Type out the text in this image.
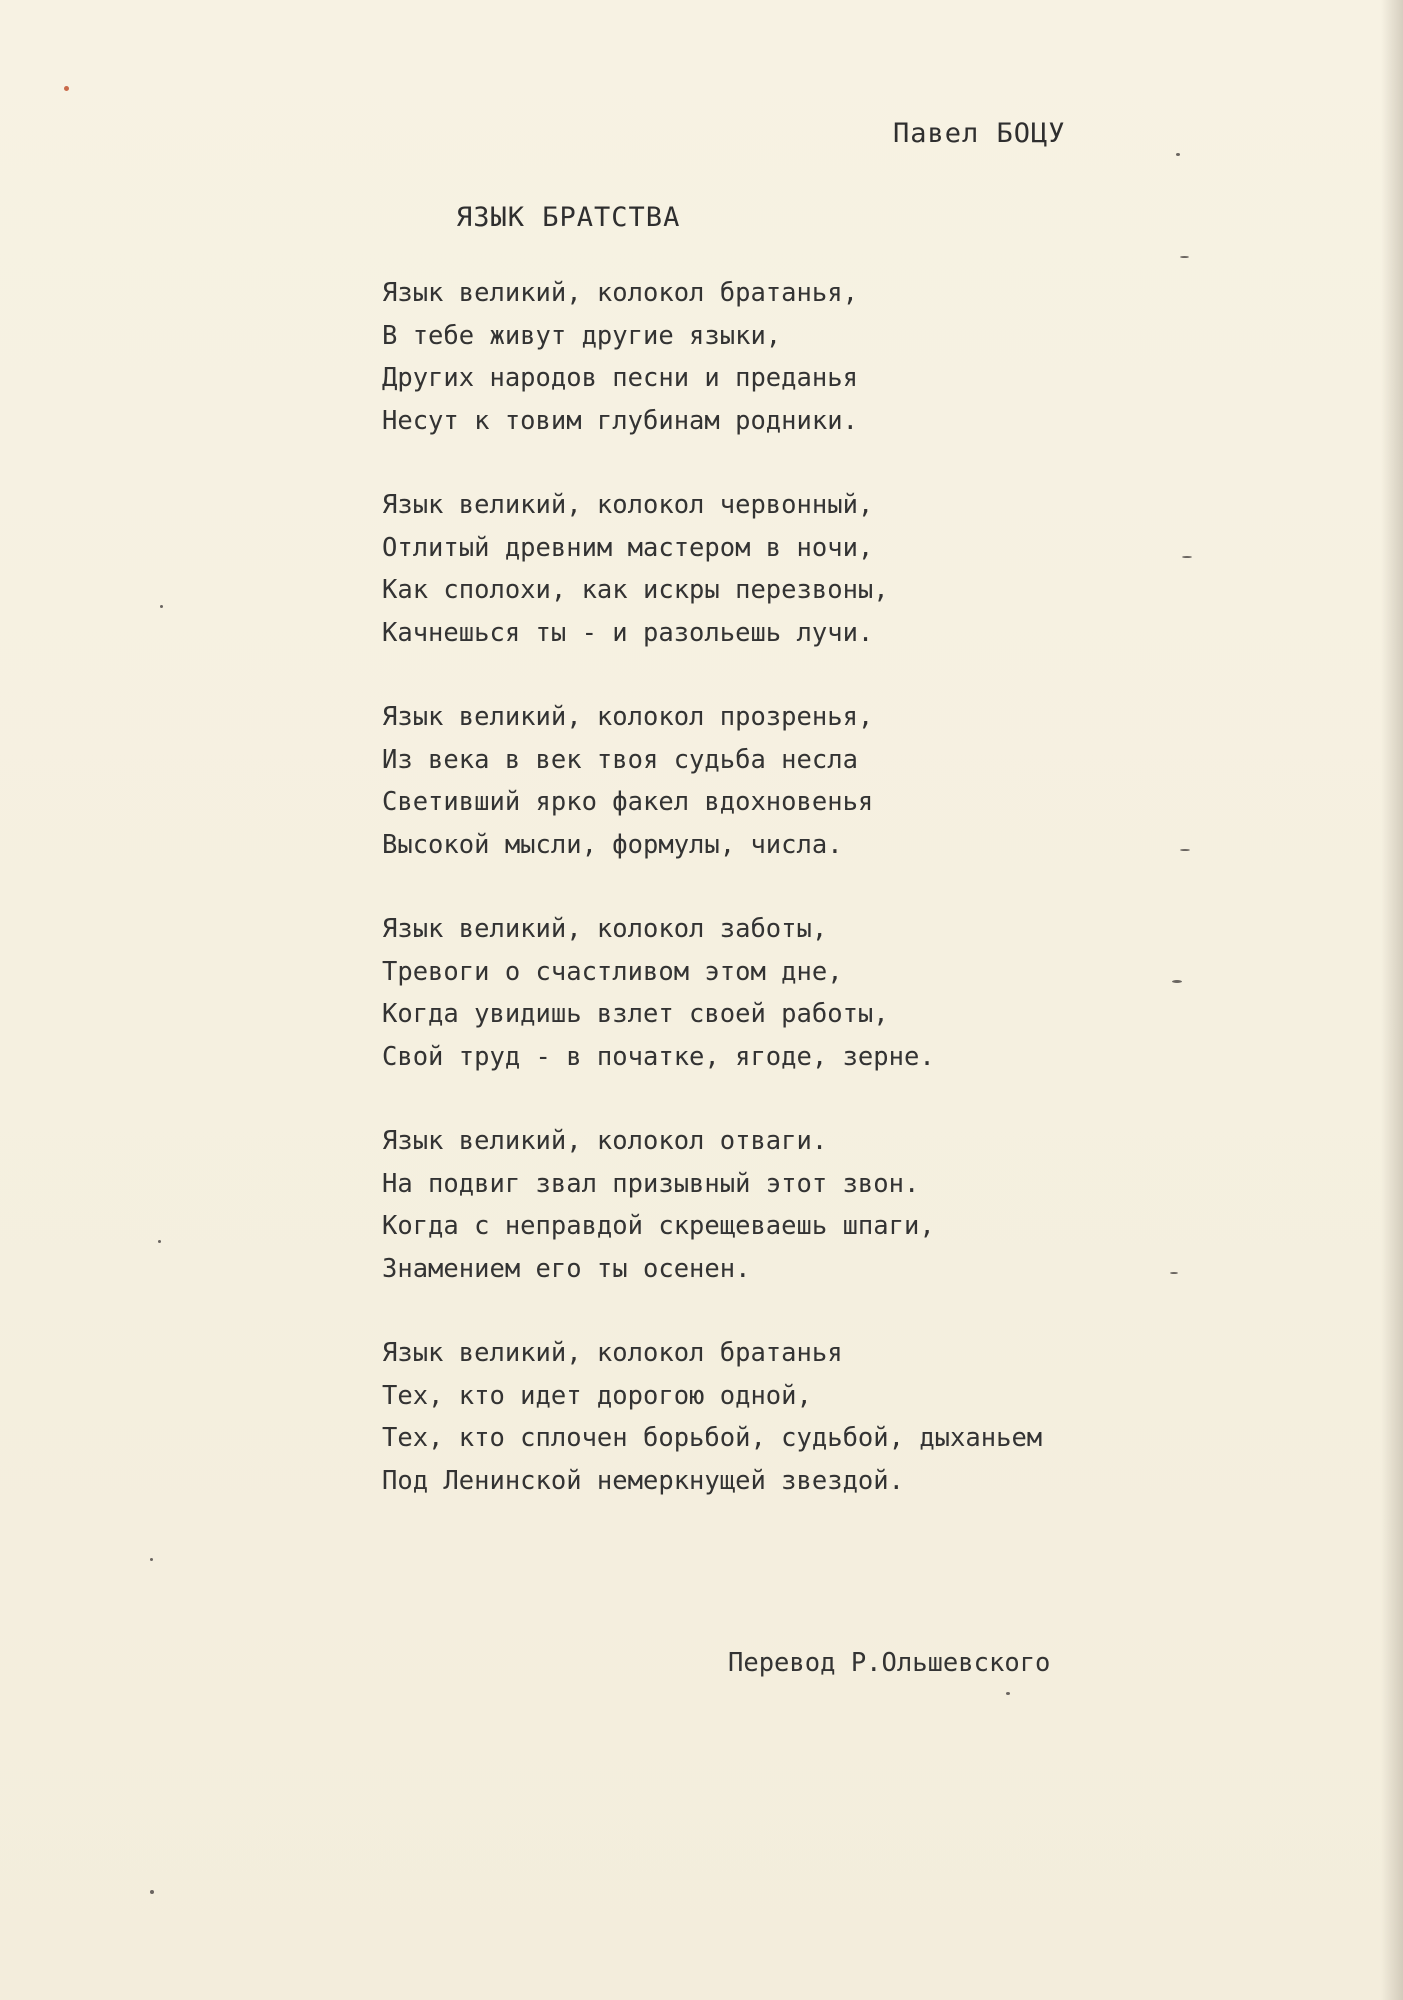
Павел БОЦУ
ЯЗЫК БРАТСТВА
Язык великий, колокол братанья,
В тебе живут другие языки,
Других народов песни и преданья
Несут к товим глубинам родники.
Язык великий, колокол червонный,
Отлитый древним мастером в ночи,
Как сполохи, как искры перезвоны,
Качнешься ты - и разольешь лучи.
Язык великий, колокол прозренья,
Из века в век твоя судьба несла
Светивший ярко факел вдохновенья
Высокой мысли, формулы, числа.
Язык великий, колокол заботы,
Тревоги о счастливом этом дне,
Когда увидишь взлет своей работы,
Свой труд - в початке, ягоде, зерне.
Язык великий, колокол отваги.
На подвиг звал призывный этот звон.
Когда с неправдой скрещеваешь шпаги,
Знамением его ты осенен.
Язык великий, колокол братанья
Тех, кто идет дорогою одной,
Тех, кто сплочен борьбой, судьбой, дыханьем
Под Ленинской немеркнущей звездой.
Перевод Р.Ольшевского
